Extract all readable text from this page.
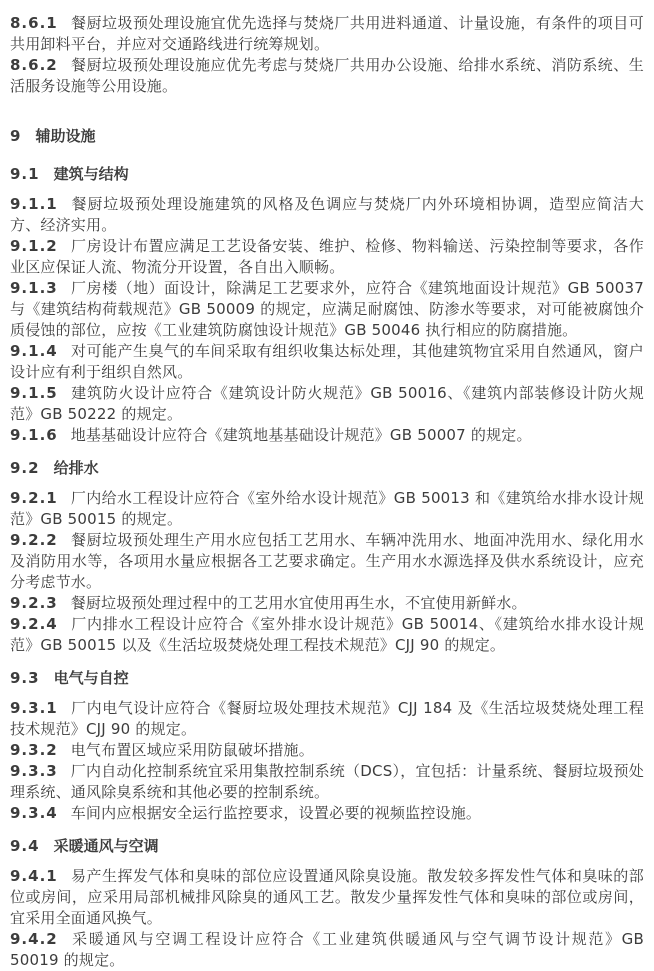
8.6.1 餐厨垃圾预处理设施宜优先选择与焚烧厂共用进料通道、计量设施，有条件的项目可共用卸料平台，并应对交通路线进行统筹规划。

8.6.2 餐厨垃圾预处理设施应优先考虑与焚烧厂共用办公设施、给排水系统、消防系统、生活服务设施等公用设施。

9 辅助设施
9.1 建筑与结构

9.1.1 餐厨垃圾预处理设施建筑的风格及色调应与焚烧厂内外环境相协调，造型应简洁大方、经济实用。

9.1.2 厂房设计布置应满足工艺设备安装、维护、检修、物料输送、污染控制等要求，各作业区应保证人流、物流分开设置，各自出入顺畅。

9.1.3 厂房楼（地）面设计，除满足工艺要求外，应符合《建筑地面设计规范》GB 50037 与《建筑结构荷载规范》GB 50009 的规定，应满足耐腐蚀、防渗水等要求，对可能被腐蚀介质侵蚀的部位，应按《工业建筑防腐蚀设计规范》GB 50046 执行相应的防腐措施。

9.1.4 对可能产生臭气的车间采取有组织收集达标处理，其他建筑物宜采用自然通风，窗户设计应有利于组织自然风。

9.1.5 建筑防火设计应符合《建筑设计防火规范》GB 50016、《建筑内部装修设计防火规范》GB 50222 的规定。

9.1.6 地基基础设计应符合《建筑地基基础设计规范》GB 50007 的规定。

9.2 给排水

9.2.1 厂内给水工程设计应符合《室外给水设计规范》GB 50013 和《建筑给水排水设计规范》GB 50015 的规定。

9.2.2 餐厨垃圾预处理生产用水应包括工艺用水、车辆冲洗用水、地面冲洗用水、绿化用水及消防用水等，各项用水量应根据各工艺要求确定。生产用水水源选择及供水系统设计，应充分考虑节水。

9.2.3 餐厨垃圾预处理过程中的工艺用水宜使用再生水，不宜使用新鲜水。

9.2.4 厂内排水工程设计应符合《室外排水设计规范》GB 50014、《建筑给水排水设计规范》GB 50015 以及《生活垃圾焚烧处理工程技术规范》CJJ 90 的规定。

9.3 电气与自控

9.3.1 厂内电气设计应符合《餐厨垃圾处理技术规范》CJJ 184 及《生活垃圾焚烧处理工程技术规范》CJJ 90 的规定。

9.3.2 电气布置区域应采用防鼠破坏措施。

9.3.3 厂内自动化控制系统宜采用集散控制系统（DCS），宜包括：计量系统、餐厨垃圾预处理系统、通风除臭系统和其他必要的控制系统。

9.3.4 车间内应根据安全运行监控要求，设置必要的视频监控设施。

9.4 采暖通风与空调

9.4.1 易产生挥发气体和臭味的部位应设置通风除臭设施。散发较多挥发性气体和臭味的部位或房间，应采用局部机械排风除臭的通风工艺。散发少量挥发性气体和臭味的部位或房间，宜采用全面通风换气。

9.4.2 采暖通风与空调工程设计应符合《工业建筑供暖通风与空气调节设计规范》GB 50019 的规定。
